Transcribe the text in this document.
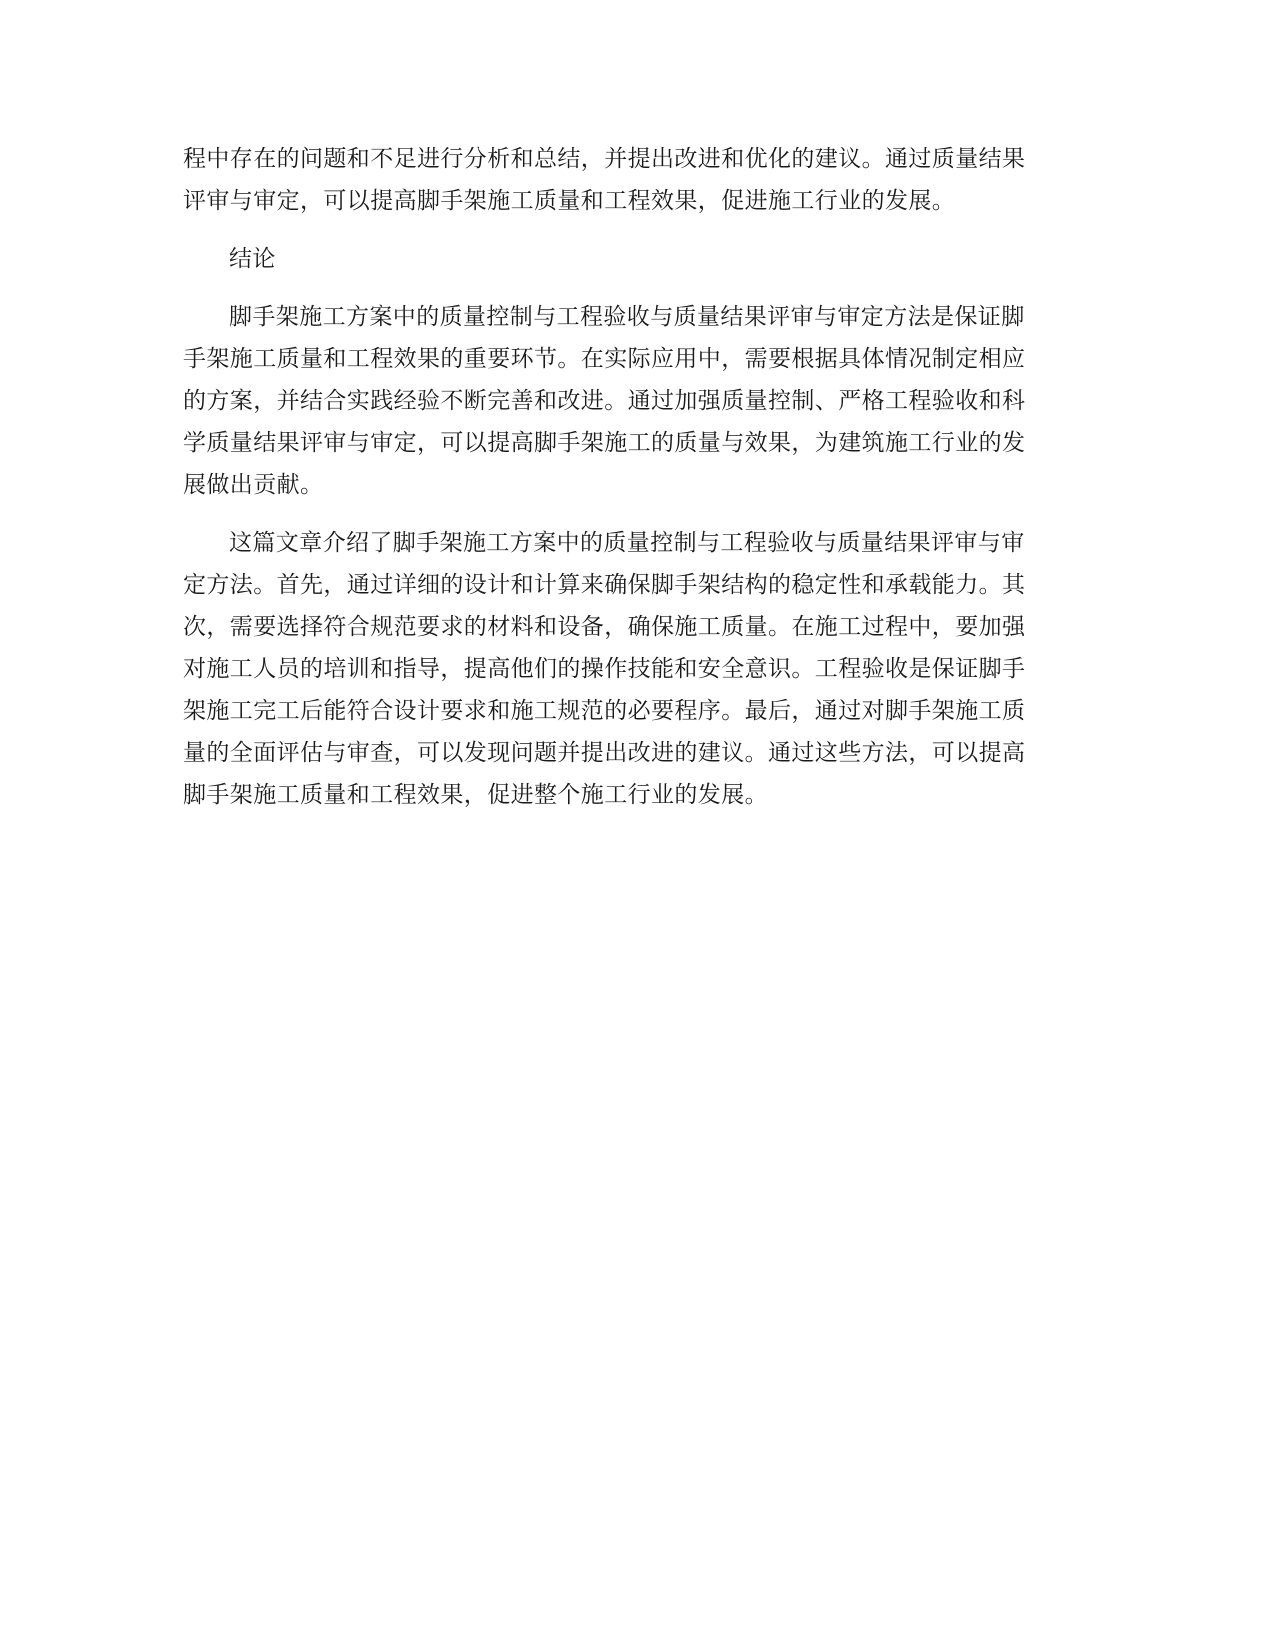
程中存在的问题和不足进行分析和总结，并提出改进和优化的建议。通过质量结果
评审与审定，可以提高脚手架施工质量和工程效果，促进施工行业的发展。
结论
脚手架施工方案中的质量控制与工程验收与质量结果评审与审定方法是保证脚
手架施工质量和工程效果的重要环节。在实际应用中，需要根据具体情况制定相应
的方案，并结合实践经验不断完善和改进。通过加强质量控制、严格工程验收和科
学质量结果评审与审定，可以提高脚手架施工的质量与效果，为建筑施工行业的发
展做出贡献。
这篇文章介绍了脚手架施工方案中的质量控制与工程验收与质量结果评审与审
定方法。首先，通过详细的设计和计算来确保脚手架结构的稳定性和承载能力。其
次，需要选择符合规范要求的材料和设备，确保施工质量。在施工过程中，要加强
对施工人员的培训和指导，提高他们的操作技能和安全意识。工程验收是保证脚手
架施工完工后能符合设计要求和施工规范的必要程序。最后，通过对脚手架施工质
量的全面评估与审查，可以发现问题并提出改进的建议。通过这些方法，可以提高
脚手架施工质量和工程效果，促进整个施工行业的发展。
